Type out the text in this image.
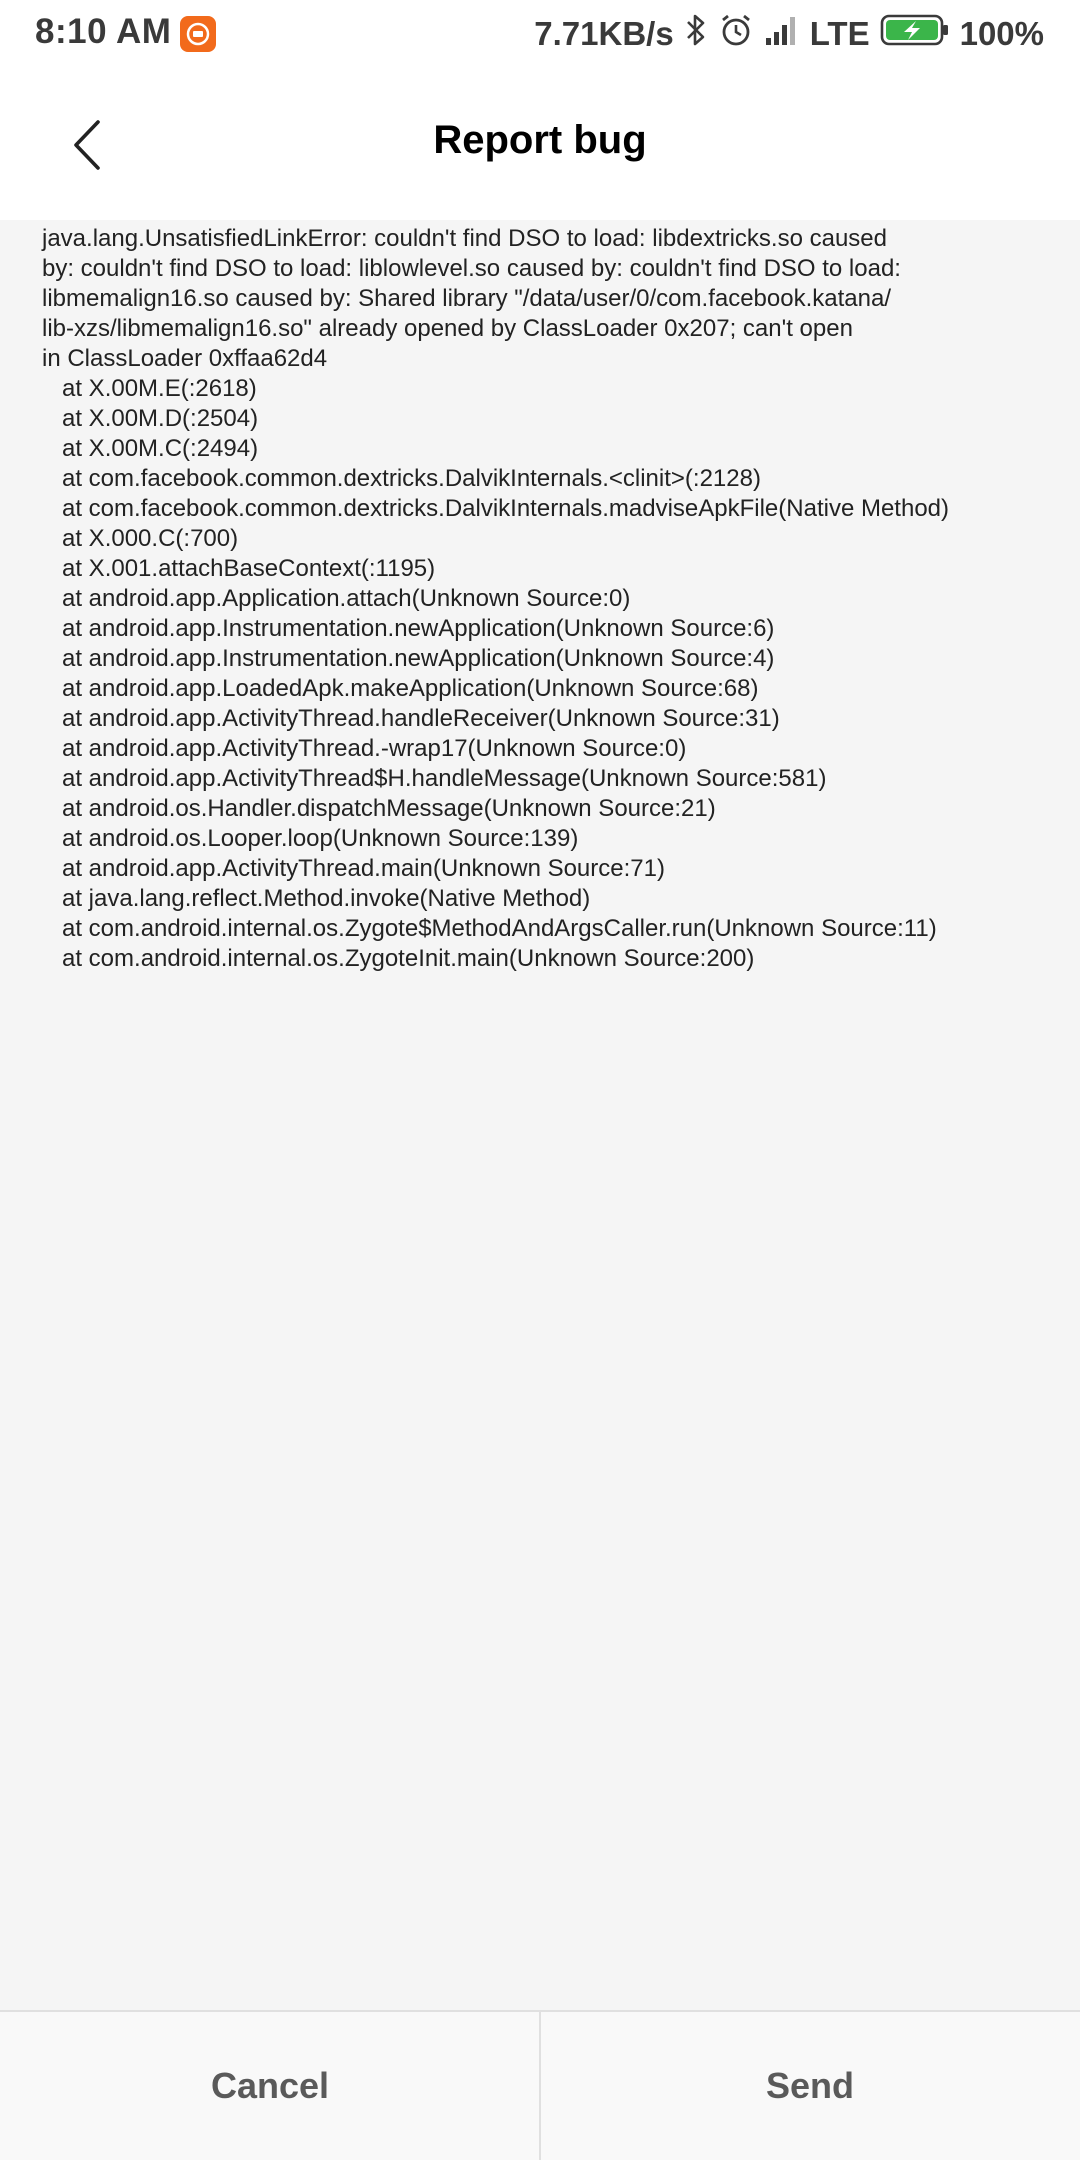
8:10 AM	7.71KB/s	LTE	100%
Report bug
java.lang.UnsatisfiedLinkError: couldn't find DSO to load: libdextricks.so caused
by: couldn't find DSO to load: liblowlevel.so caused by: couldn't find DSO to load:
libmemalign16.so caused by: Shared library "/data/user/0/com.facebook.katana/
lib-xzs/libmemalign16.so" already opened by ClassLoader 0x207; can't open
in ClassLoader 0xffaa62d4
at X.00M.E(:2618)
at X.00M.D(:2504)
at X.00M.C(:2494)
at com.facebook.common.dextricks.DalvikInternals.<clinit>(:2128)
at com.facebook.common.dextricks.DalvikInternals.madviseApkFile(Native Method)
at X.000.C(:700)
at X.001.attachBaseContext(:1195)
at android.app.Application.attach(Unknown Source:0)
at android.app.Instrumentation.newApplication(Unknown Source:6)
at android.app.Instrumentation.newApplication(Unknown Source:4)
at android.app.LoadedApk.makeApplication(Unknown Source:68)
at android.app.ActivityThread.handleReceiver(Unknown Source:31)
at android.app.ActivityThread.-wrap17(Unknown Source:0)
at android.app.ActivityThread$H.handleMessage(Unknown Source:581)
at android.os.Handler.dispatchMessage(Unknown Source:21)
at android.os.Looper.loop(Unknown Source:139)
at android.app.ActivityThread.main(Unknown Source:71)
at java.lang.reflect.Method.invoke(Native Method)
at com.android.internal.os.Zygote$MethodAndArgsCaller.run(Unknown Source:11)
at com.android.internal.os.ZygoteInit.main(Unknown Source:200)
Cancel	Send
